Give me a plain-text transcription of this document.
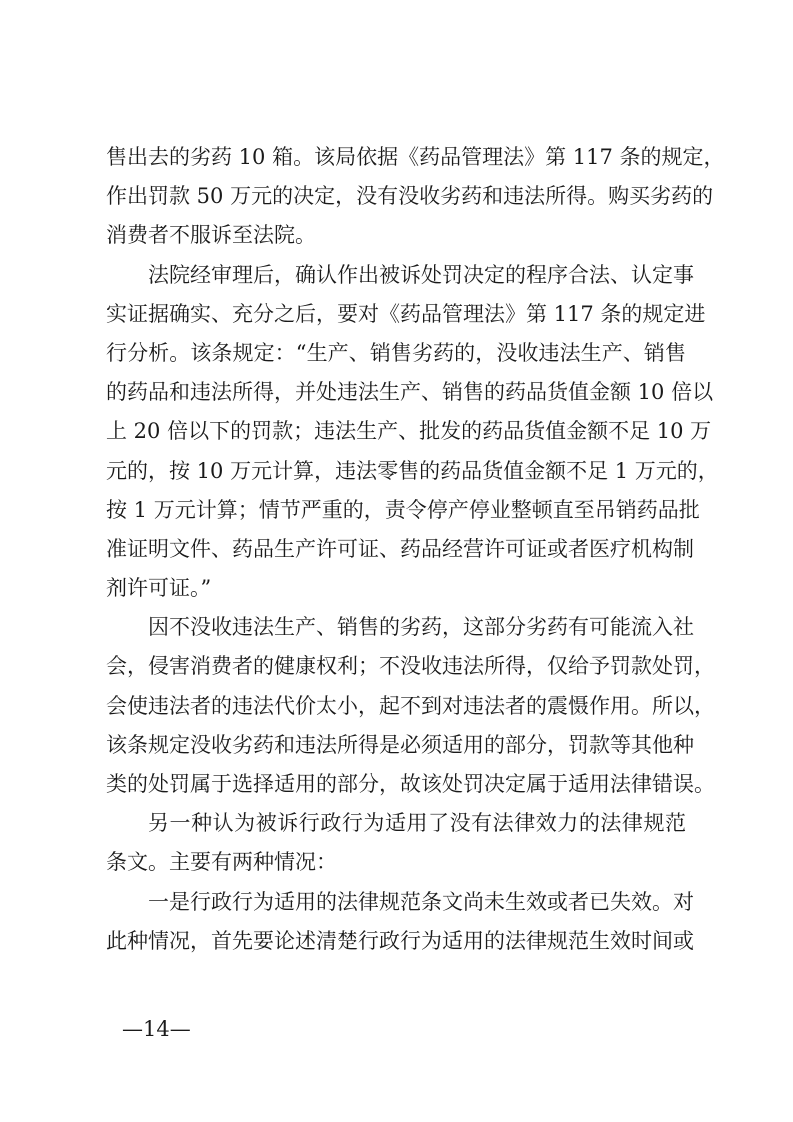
售出去的劣药 10 箱。该局依据《药品管理法》第 117 条的规定，
作出罚款 50 万元的决定，没有没收劣药和违法所得。购买劣药的
消费者不服诉至法院。
法院经审理后，确认作出被诉处罚决定的程序合法、认定事
实证据确实、充分之后，要对《药品管理法》第 117 条的规定进
行分析。该条规定：“生产、销售劣药的，没收违法生产、销售
的药品和违法所得，并处违法生产、销售的药品货值金额 10 倍以
上 20 倍以下的罚款；违法生产、批发的药品货值金额不足 10 万
元的，按 10 万元计算，违法零售的药品货值金额不足 1 万元的，
按 1 万元计算；情节严重的，责令停产停业整顿直至吊销药品批
准证明文件、药品生产许可证、药品经营许可证或者医疗机构制
剂许可证。”
因不没收违法生产、销售的劣药，这部分劣药有可能流入社
会，侵害消费者的健康权利；不没收违法所得，仅给予罚款处罚，
会使违法者的违法代价太小，起不到对违法者的震慑作用。所以，
该条规定没收劣药和违法所得是必须适用的部分，罚款等其他种
类的处罚属于选择适用的部分，故该处罚决定属于适用法律错误。
另一种认为被诉行政行为适用了没有法律效力的法律规范
条文。主要有两种情况：
一是行政行为适用的法律规范条文尚未生效或者已失效。对
此种情况，首先要论述清楚行政行为适用的法律规范生效时间或
—14—
